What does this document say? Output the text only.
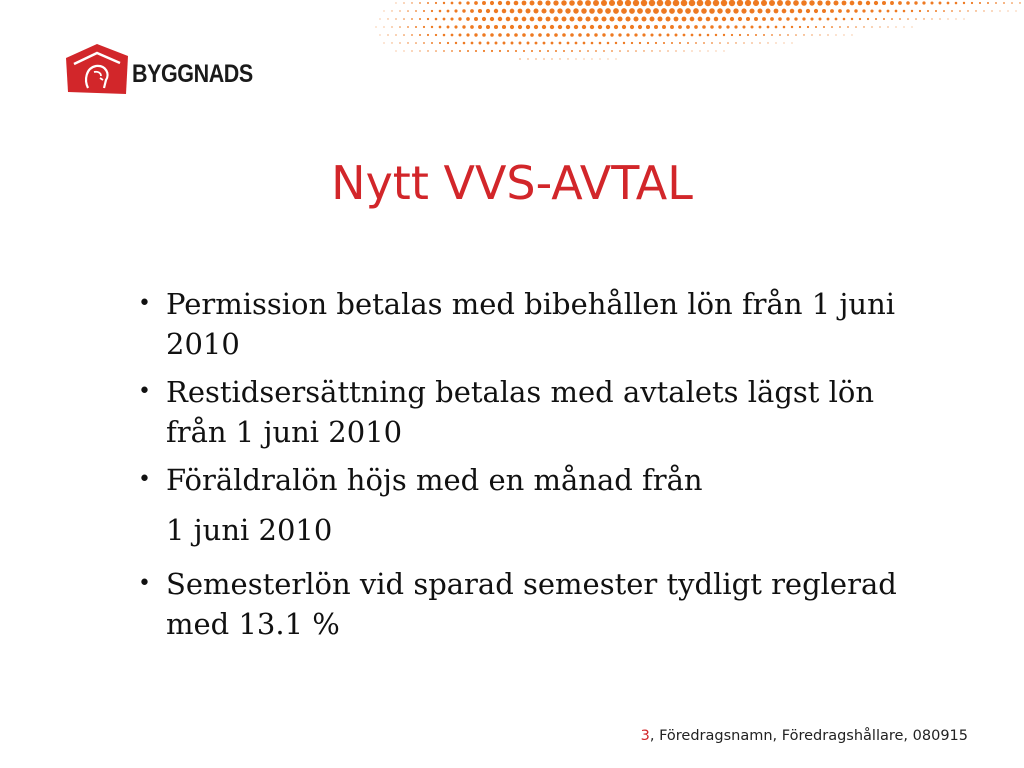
BYGGNADS
Nytt VVS-AVTAL
• Permission betalas med bibehållen lön från 1 juni 2010
• Restidsersättning betalas med avtalets lägst lön från 1 juni 2010
• Föräldralön höjs med en månad från
1 juni 2010
• Semesterlön vid sparad semester tydligt reglerad med 13.1 %
3, Föredragsnamn, Föredragshållare, 080915
